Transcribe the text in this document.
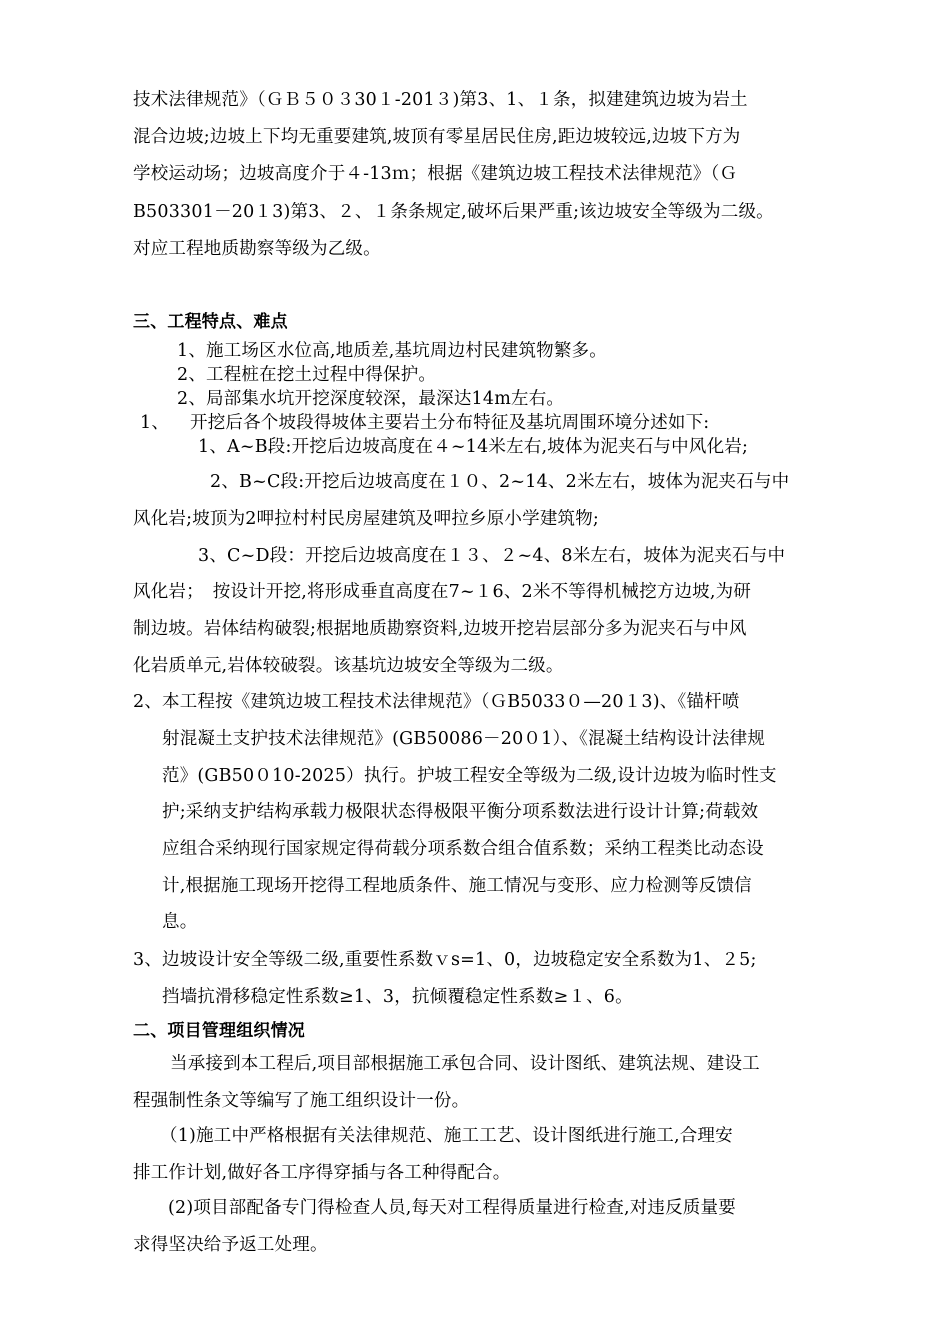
技术法律规范》（ＧＢ５０３30１-201３)第3、1、１条，拟建建筑边坡为岩土
混合边坡;边坡上下均无重要建筑,坡顶有零星居民住房,距边坡较远,边坡下方为
学校运动场；边坡高度介于４-13ｍ；根据《建筑边坡工程技术法律规范》（Ｇ
B503301－20１3)第3、２、１条条规定,破坏后果严重;该边坡安全等级为二级。
对应工程地质勘察等级为乙级。
三、工程特点、难点
1、施工场区水位高,地质差,基坑周边村民建筑物繁多。
2、工程桩在挖土过程中得保护。
2、局部集水坑开挖深度较深，最深达14m左右。
1、 开挖后各个坡段得坡体主要岩土分布特征及基坑周围环境分述如下:
1、A~B段:开挖后边坡高度在４~14米左右,坡体为泥夹石与中风化岩;
2、B~C段:开挖后边坡高度在１０、2~14、2米左右，坡体为泥夹石与中
风化岩;坡顶为2呷拉村村民房屋建筑及呷拉乡原小学建筑物;
3、C~D段：开挖后边坡高度在１３、２~4、8米左右，坡体为泥夹石与中
风化岩；　按设计开挖,将形成垂直高度在7~１6、2米不等得机械挖方边坡,为研
制边坡。岩体结构破裂;根据地质勘察资料,边坡开挖岩层部分多为泥夹石与中风
化岩质单元,岩体较破裂。该基坑边坡安全等级为二级。
2、 本工程按《建筑边坡工程技术法律规范》（ＧB5033０—20１3)、《锚杆喷
射混凝土支护技术法律规范》(GB50086－20０1）、《混凝土结构设计法律规
范》(GB50０10-2025）执行。护坡工程安全等级为二级,设计边坡为临时性支
护;采纳支护结构承载力极限状态得极限平衡分项系数法进行设计计算;荷载效
应组合采纳现行国家规定得荷载分项系数合组合值系数；采纳工程类比动态设
计,根据施工现场开挖得工程地质条件、施工情况与变形、应力检测等反馈信
息。
3、 边坡设计安全等级二级,重要性系数ｖs=1、0，边坡稳定安全系数为1、２5;
挡墙抗滑移稳定性系数≥1、3，抗倾覆稳定性系数≥１、6。
二、项目管理组织情况
当承接到本工程后,项目部根据施工承包合同、设计图纸、建筑法规、建设工
程强制性条文等编写了施工组织设计一份。
（1)施工中严格根据有关法律规范、施工工艺、设计图纸进行施工,合理安
排工作计划,做好各工序得穿插与各工种得配合。
(2)项目部配备专门得检查人员,每天对工程得质量进行检查,对违反质量要
求得坚决给予返工处理。
